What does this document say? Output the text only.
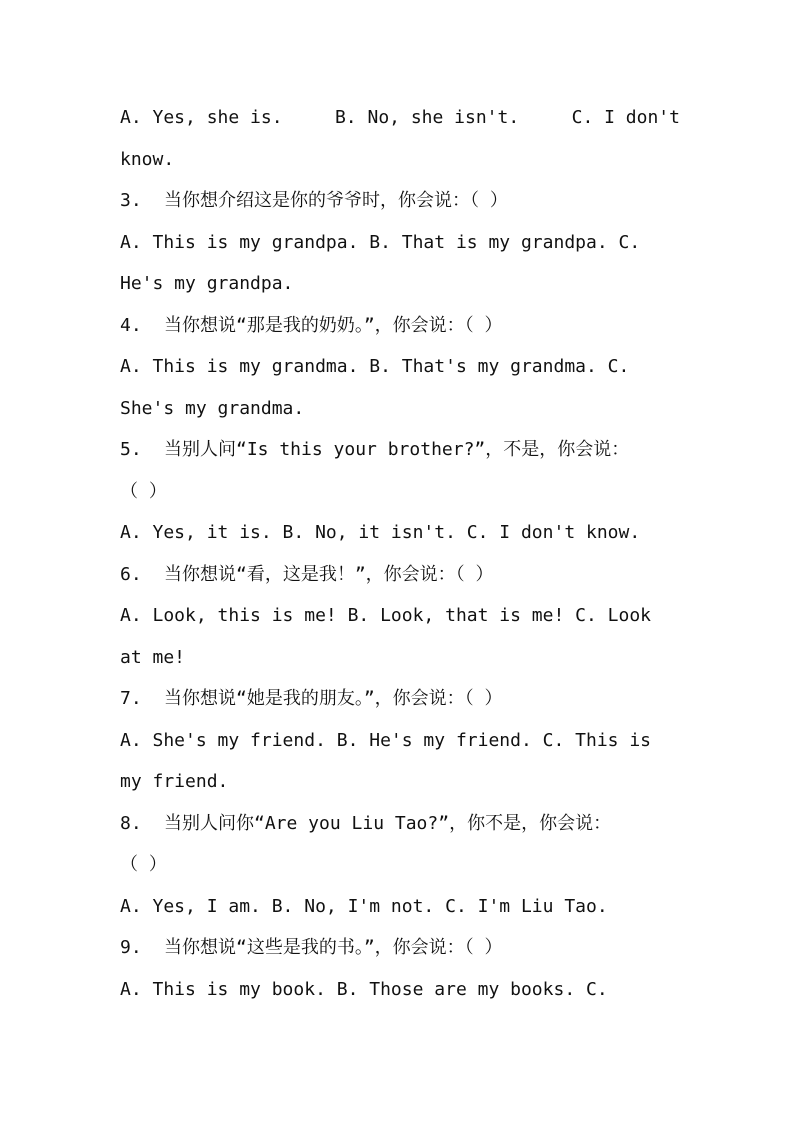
A. Yes, she is.	B. No, she isn't.	C. I don't
know.
3. 当你想介绍这是你的爷爷时，你会说：（ ）
A. This is my grandpa. B. That is my grandpa. C.
He's my grandpa.
4. 当你想说“那是我的奶奶。”，你会说：（ ）
A. This is my grandma. B. That's my grandma. C.
She's my grandma.
5. 当别人问“Is this your brother?”，不是，你会说：
（ ）
A. Yes, it is. B. No, it isn't. C. I don't know.
6. 当你想说“看，这是我！”，你会说：（ ）
A. Look, this is me! B. Look, that is me! C. Look
at me!
7. 当你想说“她是我的朋友。”，你会说：（ ）
A. She's my friend. B. He's my friend. C. This is
my friend.
8. 当别人问你“Are you Liu Tao?”，你不是，你会说：
（ ）
A. Yes, I am. B. No, I'm not. C. I'm Liu Tao.
9. 当你想说“这些是我的书。”，你会说：（ ）
A. This is my book. B. Those are my books. C.
